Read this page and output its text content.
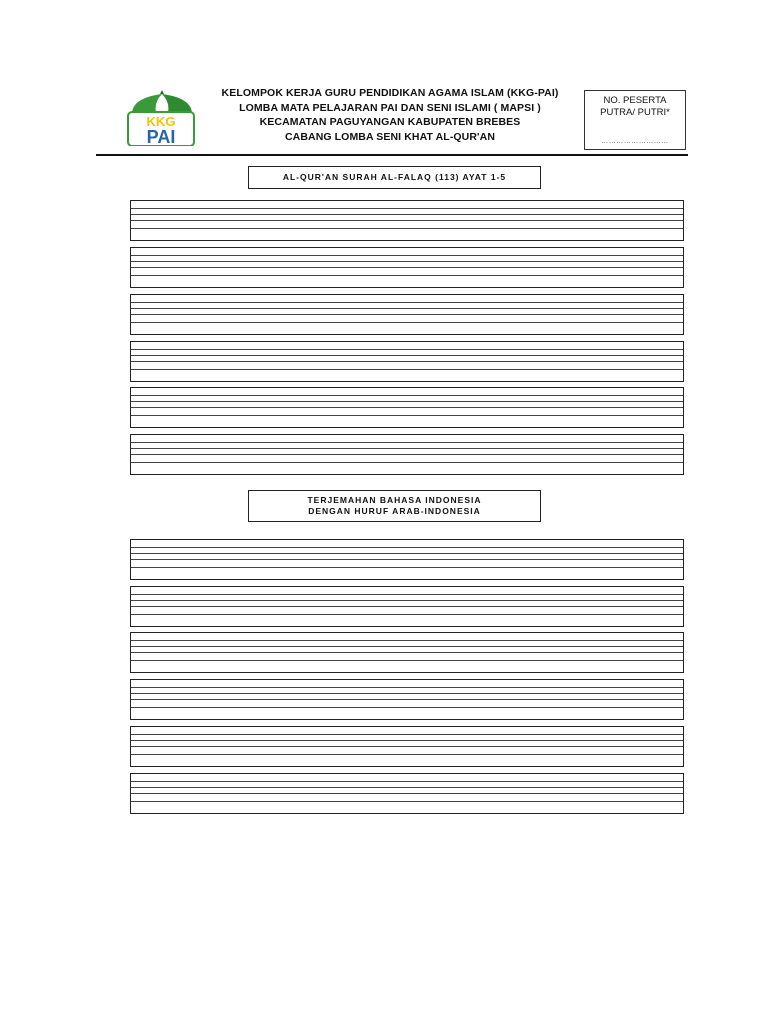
KKG
PAI
KELOMPOK KERJA GURU PENDIDIKAN AGAMA ISLAM (KKG-PAI)
LOMBA MATA PELAJARAN PAI DAN SENI ISLAMI ( MAPSI )
KECAMATAN PAGUYANGAN KABUPATEN BREBES
CABANG LOMBA SENI KHAT AL-QUR'AN
NO. PESERTA
PUTRA/ PUTRI*
………………………
AL-QUR'AN SURAH AL-FALAQ (113) AYAT 1-5
TERJEMAHAN BAHASA INDONESIA
DENGAN HURUF ARAB-INDONESIA
